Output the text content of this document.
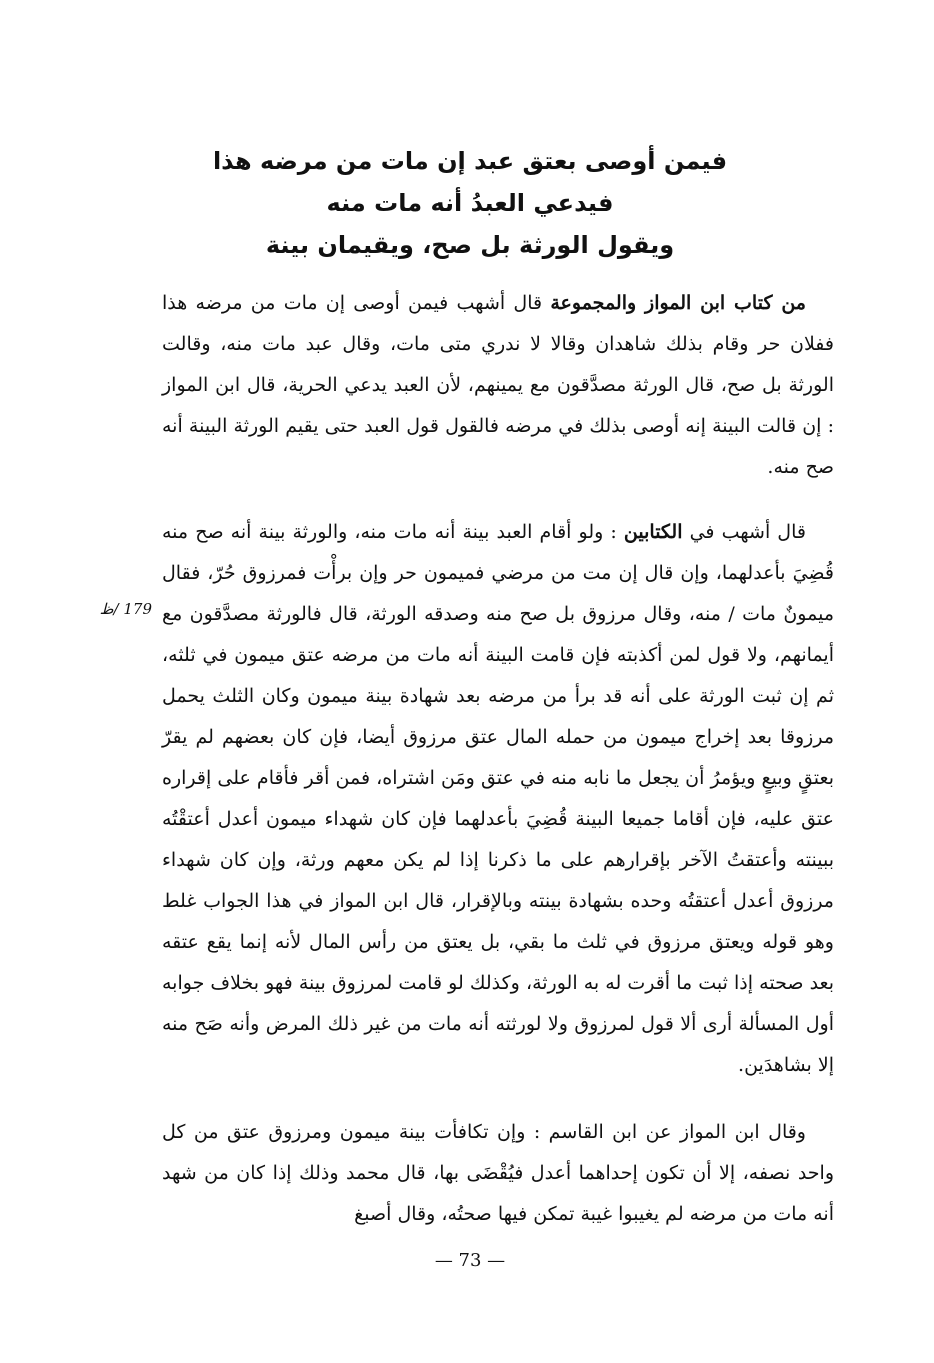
فيمن أوصى بعتق عبد إن مات من مرضه هذا
فيدعي العبدُ أنه مات منه
ويقول الورثة بل صح، ويقيمان بينة

من كتاب ابن المواز والمجموعة قال أشهب فيمن أوصى إن مات من مرضه هذا ففلان حر وقام بذلك شاهدان وقالا لا ندري متى مات، وقال عبد مات منه، وقالت الورثة بل صح، قال الورثة مصدَّقون مع يمينهم، لأن العبد يدعي الحرية، قال ابن المواز : إن قالت البينة إنه أوصى بذلك في مرضه فالقول قول العبد حتى يقيم الورثة البينة أنه صح منه.

قال أشهب في الكتابين : ولو أقام العبد بينة أنه مات منه، والورثة بينة أنه صح منه قُضِيَ بأعدلهما، وإن قال إن مت من مرضي فميمون حر وإن برأْت فمرزوق حُرّ، فقال ميمونٌ مات / منه، وقال مرزوق بل صح منه وصدقه الورثة، قال فالورثة مصدَّقون مع أيمانهم، ولا قول لمن أكذبته فإن قامت البينة أنه مات من مرضه عتق ميمون في ثلثه، ثم إن ثبت الورثة على أنه قد برأ من مرضه بعد شهادة بينة ميمون وكان الثلث يحمل مرزوقا بعد إخراج ميمون من حمله المال عتق مرزوق أيضا، فإن كان بعضهم لم يقرّ بعتقٍ وبيعٍ ويؤمرُ أن يجعل ما نابه منه في عتق ومَن اشتراه، فمن أقر فأقام على إقراره عتق عليه، فإن أقاما جميعا البينة قُضِيَ بأعدلهما فإن كان شهداء ميمون أعدل أعتقْتُه ببينته وأعتقتُ الآخر بإقرارهم على ما ذكرنا إذا لم يكن معهم ورثة، وإن كان شهداء مرزوق أعدل أعتقتُه وحده بشهادة بينته وبالإقرار، قال ابن المواز في هذا الجواب غلط وهو قوله ويعتق مرزوق في ثلث ما بقي، بل يعتق من رأس المال لأنه إنما يقع عتقه بعد صحته إذا ثبت ما أقرت له به الورثة، وكذلك لو قامت لمرزوق بينة فهو بخلاف جوابه أول المسألة أرى ألا قول لمرزوق ولا لورثته أنه مات من غير ذلك المرض وأنه صَح منه إلا بشاهدَين.

وقال ابن المواز عن ابن القاسم : وإن تكافأت بينة ميمون ومرزوق عتق من كل واحد نصفه، إلا أن تكون إحداهما أعدل فيُقْضَى بها، قال محمد وذلك إذا كان من شهد أنه مات من مرضه لم يغيبوا غيبة تمكن فيها صحتُه، وقال أصبغ

179 /ظ
— 73 —
